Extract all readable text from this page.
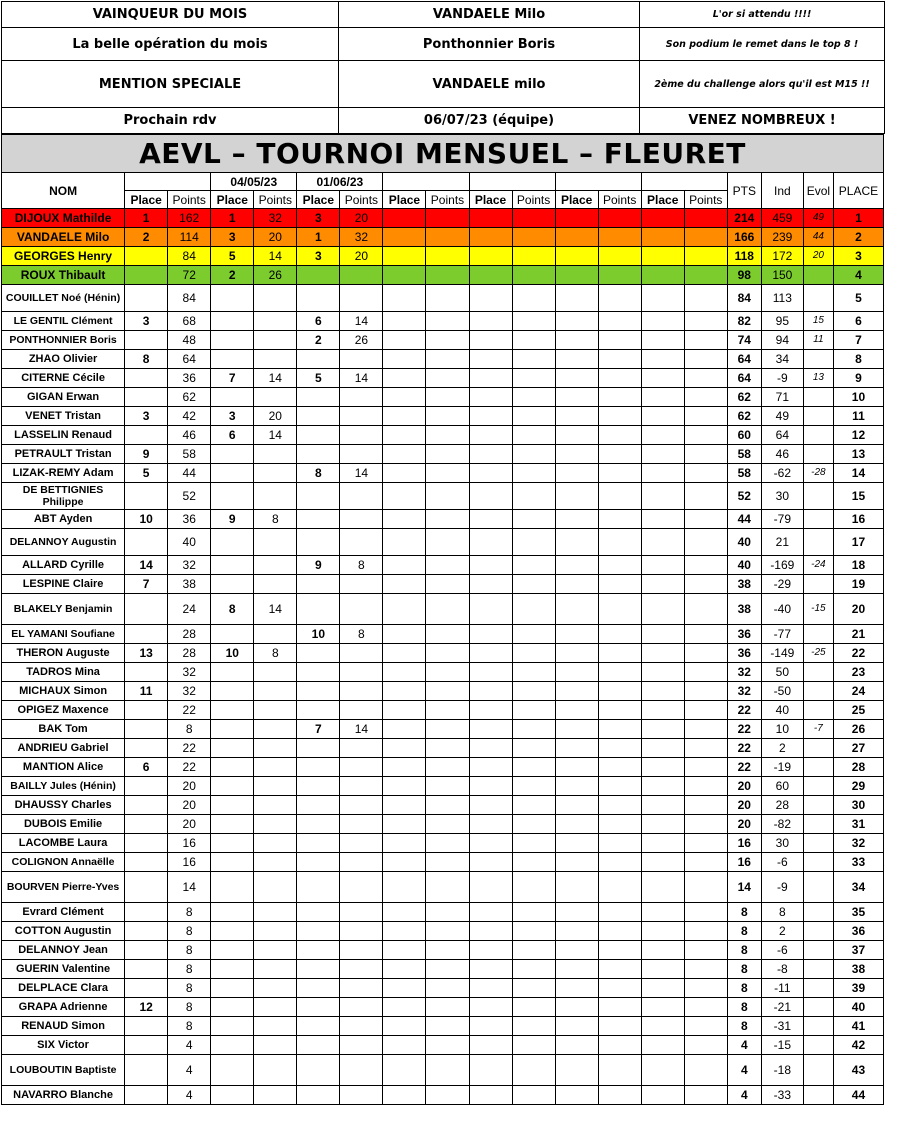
VAINQUEUR DU MOIS	VANDAELE Milo	L'or si attendu !!!!
La belle opération du mois	Ponthonnier Boris	Son podium le remet dans le top 8 !
MENTION SPECIALE	VANDAELE milo	2ème du challenge alors qu'il est M15 !!
Prochain rdv	06/07/23 (équipe)	VENEZ NOMBREUX !
AEVL – TOURNOI MENSUEL – FLEURET
NOM			04/05/23		01/06/23										PTS	Ind	Evol	PLACE
	Place	Points	Place	Points	Place	Points	Place	Points	Place	Points	Place	Points	Place	Points				
DIJOUX Mathilde	1	162	1	32	3	20									214	459	49	1
VANDAELE Milo	2	114	3	20	1	32									166	239	44	2
GEORGES Henry		84	5	14	3	20									118	172	20	3
ROUX Thibault		72	2	26											98	150		4
COUILLET Noé (Hénin)		84													84	113		5
LE GENTIL Clément	3	68			6	14									82	95	15	6
PONTHONNIER Boris		48			2	26									74	94	11	7
ZHAO Olivier	8	64													64	34		8
CITERNE Cécile		36	7	14	5	14									64	-9	13	9
GIGAN Erwan		62													62	71		10
VENET Tristan	3	42	3	20											62	49		11
LASSELIN Renaud		46	6	14											60	64		12
PETRAULT Tristan	9	58													58	46		13
LIZAK-REMY Adam	5	44			8	14									58	-62	-28	14
DE BETTIGNIES Philippe		52													52	30		15
ABT Ayden	10	36	9	8											44	-79		16
DELANNOY Augustin		40													40	21		17
ALLARD Cyrille	14	32			9	8									40	-169	-24	18
LESPINE Claire	7	38													38	-29		19
BLAKELY Benjamin		24	8	14											38	-40	-15	20
EL YAMANI Soufiane		28			10	8									36	-77		21
THERON Auguste	13	28	10	8											36	-149	-25	22
TADROS Mina		32													32	50		23
MICHAUX Simon	11	32													32	-50		24
OPIGEZ Maxence		22													22	40		25
BAK Tom		8			7	14									22	10	-7	26
ANDRIEU Gabriel		22													22	2		27
MANTION Alice	6	22													22	-19		28
BAILLY Jules (Hénin)		20													20	60		29
DHAUSSY Charles		20													20	28		30
DUBOIS Emilie		20													20	-82		31
LACOMBE Laura		16													16	30		32
COLIGNON Annaëlle		16													16	-6		33
BOURVEN Pierre-Yves		14													14	-9		34
Evrard Clément		8													8	8		35
COTTON Augustin		8													8	2		36
DELANNOY Jean		8													8	-6		37
GUERIN Valentine		8													8	-8		38
DELPLACE Clara		8													8	-11		39
GRAPA Adrienne	12	8													8	-21		40
RENAUD Simon		8													8	-31		41
SIX Victor		4													4	-15		42
LOUBOUTIN Baptiste		4													4	-18		43
NAVARRO Blanche		4													4	-33		44
